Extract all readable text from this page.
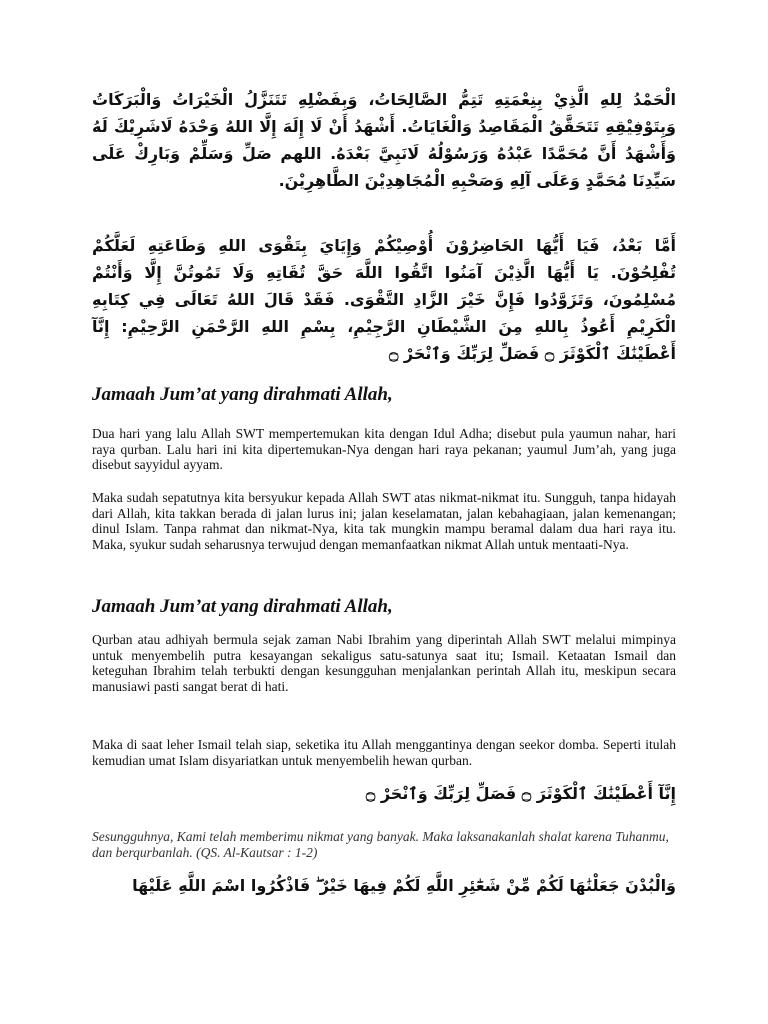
الْحَمْدُ لِلهِ الَّذِيْ بِنِعْمَتِهِ تَتِمُّ الصَّالِحَاتُ، وَبِفَضْلِهِ تَتَنَزَّلُ الْخَيْرَاتُ وَالْبَرَكَاتُ وَبِتَوْفِيْقِهِ تَتَحَقَّقُ الْمَقَاصِدُ وَالْغَايَاتُ. أَشْهَدُ أَنْ لَا إِلَهَ إِلَّا اللهُ وَحْدَهُ لَاشَرِيْكَ لَهُ وَأَشْهَدُ أَنَّ مُحَمَّدًا عَبْدُهُ وَرَسُوْلُهُ لَانَبِيَّ بَعْدَهُ. اللهم صَلِّ وَسَلِّمْ وَبَارِكْ عَلَى سَيِّدِنَا مُحَمَّدٍ وَعَلَى آلِهِ وَصَحْبِهِ الْمُجَاهِدِيْنَ الطَّاهِرِيْنَ.

أَمَّا بَعْدُ، فَيَا أَيُّهَا الحَاضِرُوْنَ أُوْصِيْكُمْ وَإِيَايَ بِتَقْوَى اللهِ وَطَاعَتِهِ لَعَلَّكُمْ تُفْلِحُوْنَ. يَا أَيُّهَا الَّذِيْنَ آمَنُوا اتَّقُوا اللَّهَ حَقَّ تُقَاتِهِ وَلَا تَمُوتُنَّ إِلَّا وَأَنْتُمْ مُسْلِمُونَ، وَتَزَوَّدُوا فَإِنَّ خَيْرَ الزَّادِ التَّقْوَى. فَقَدْ قَالَ اللهُ تَعَالَى فِي كِتَابِهِ الْكَرِيْمِ أَعُوذُ بِاللهِ مِنَ الشَّيْطَانِ الرَّجِيْمِ، بِسْمِ اللهِ الرَّحْمَنِ الرَّحِيْمِ: إِنَّآ أَعْطَيْنَٰكَ ٱلْكَوْثَرَ ۝ فَصَلِّ لِرَبِّكَ وَٱنْحَرْ ۝

Jamaah Jum’at yang dirahmati Allah,

Dua hari yang lalu Allah SWT mempertemukan kita dengan Idul Adha; disebut pula yaumun nahar, hari raya qurban. Lalu hari ini kita dipertemukan-Nya dengan hari raya pekanan; yaumul Jum’ah, yang juga disebut sayyidul ayyam.

Maka sudah sepatutnya kita bersyukur kepada Allah SWT atas nikmat-nikmat itu. Sungguh, tanpa hidayah dari Allah, kita takkan berada di jalan lurus ini; jalan keselamatan, jalan kebahagiaan, jalan kemenangan; dinul Islam. Tanpa rahmat dan nikmat-Nya, kita tak mungkin mampu beramal dalam dua hari raya itu. Maka, syukur sudah seharusnya terwujud dengan memanfaatkan nikmat Allah untuk mentaati-Nya.

Jamaah Jum’at yang dirahmati Allah,

Qurban atau adhiyah bermula sejak zaman Nabi Ibrahim yang diperintah Allah SWT melalui mimpinya untuk menyembelih putra kesayangan sekaligus satu-satunya saat itu; Ismail. Ketaatan Ismail dan keteguhan Ibrahim telah terbukti dengan kesungguhan menjalankan perintah Allah itu, meskipun secara manusiawi pasti sangat berat di hati.

Maka di saat leher Ismail telah siap, seketika itu Allah menggantinya dengan seekor domba. Seperti itulah kemudian umat Islam disyariatkan untuk menyembelih hewan qurban.

إِنَّآ أَعْطَيْنَٰكَ ٱلْكَوْثَرَ ۝ فَصَلِّ لِرَبِّكَ وَٱنْحَرْ ۝

Sesungguhnya, Kami telah memberimu nikmat yang banyak. Maka laksanakanlah shalat karena Tuhanmu, dan berqurbanlah. (QS. Al-Kautsar : 1-2)

وَالْبُدْنَ جَعَلْنَٰهَا لَكُمْ مِّنْ شَعَٰٓئِرِ اللَّهِ لَكُمْ فِيهَا خَيْرٌ ۖ فَاذْكُرُوا اسْمَ اللَّهِ عَلَيْهَا
